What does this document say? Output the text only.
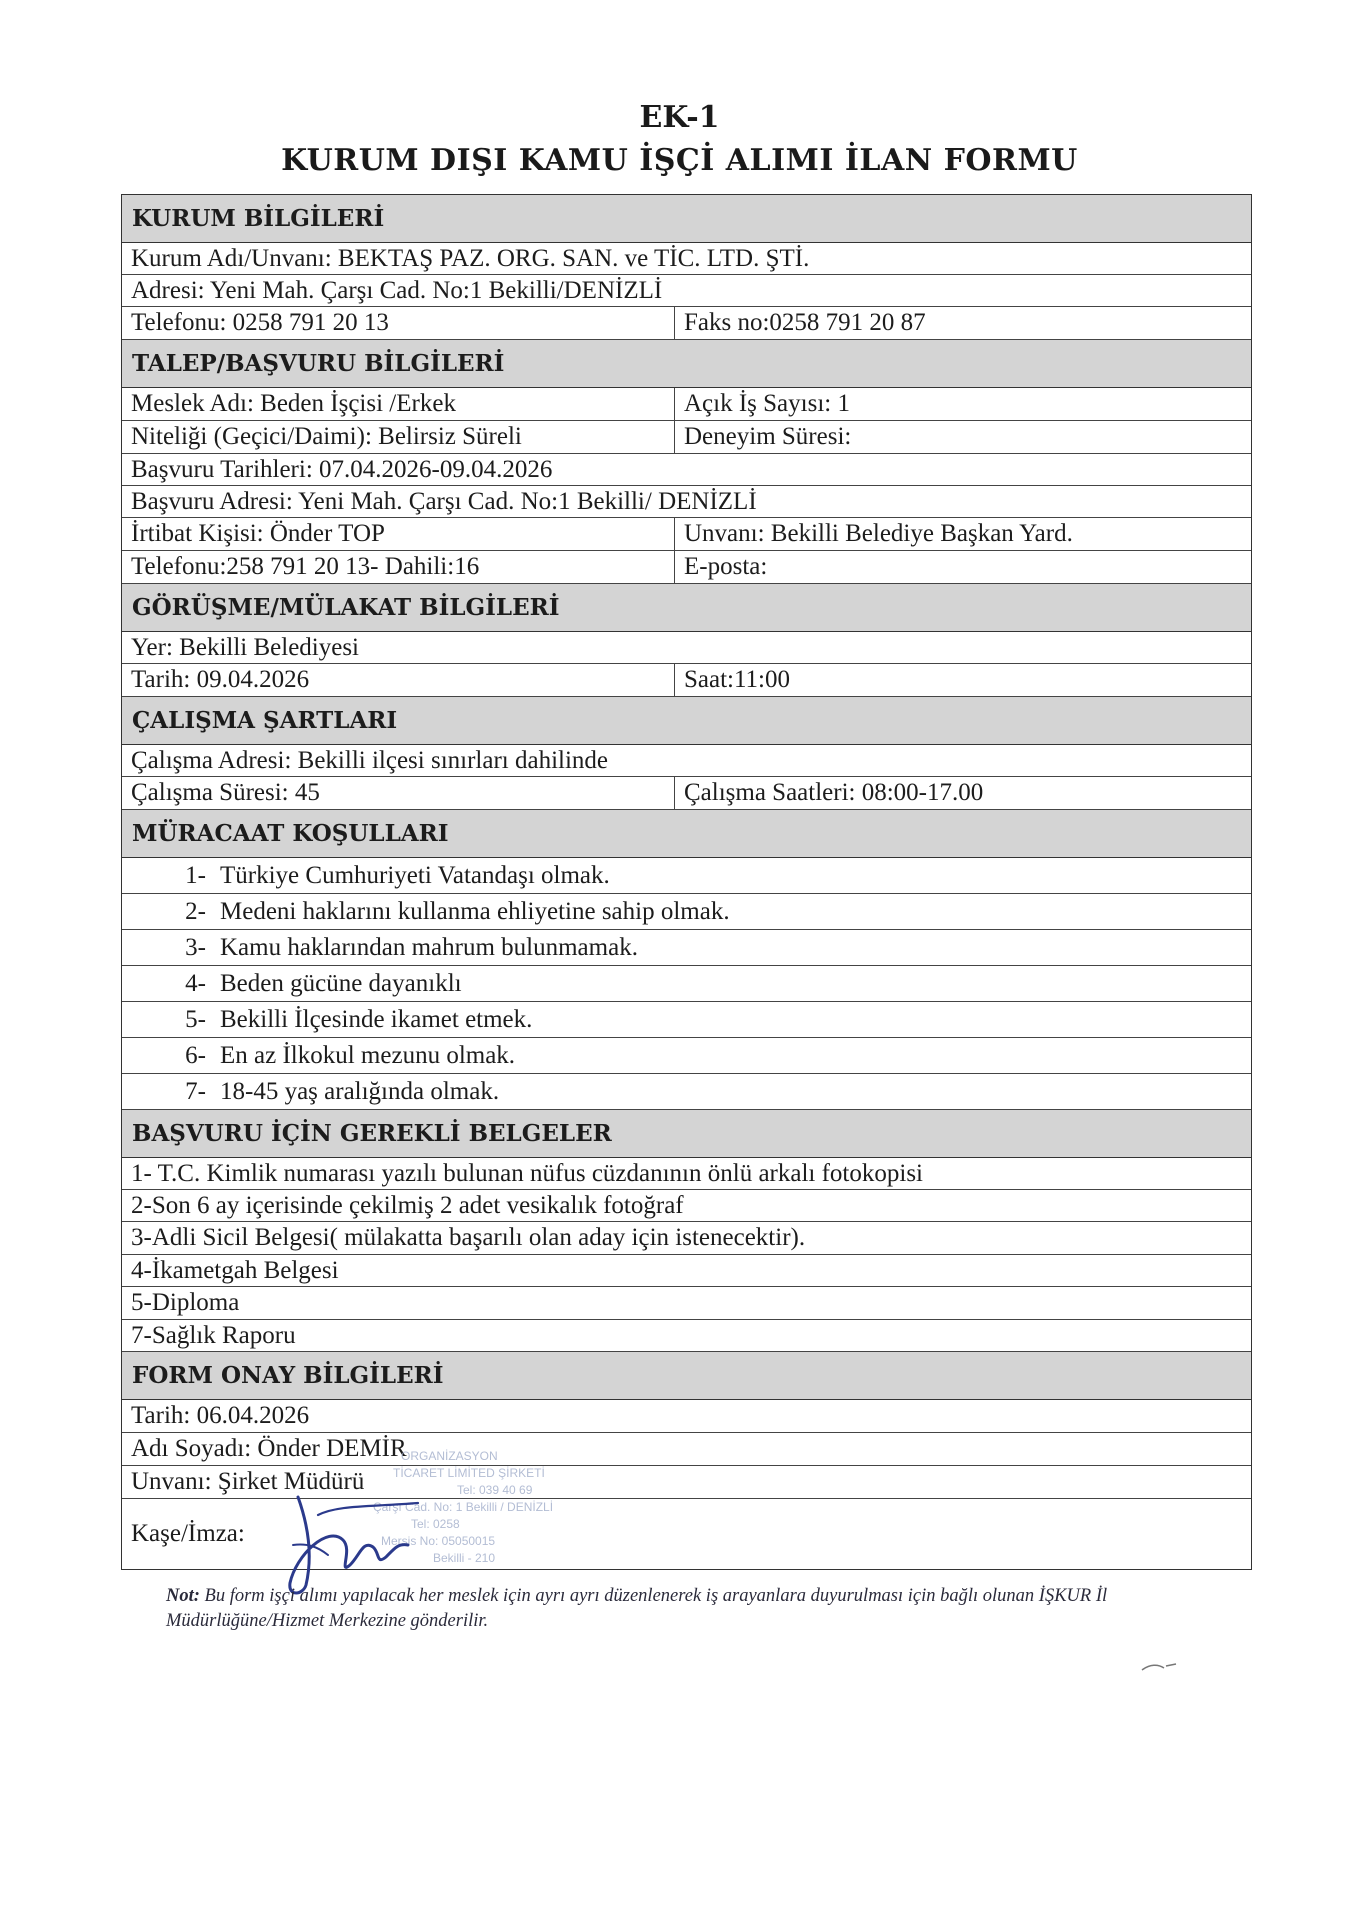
EK-1
KURUM DIŞI KAMU İŞÇİ ALIMI İLAN FORMU
KURUM BİLGİLERİ
Kurum Adı/Unvanı: BEKTAŞ PAZ. ORG. SAN. ve TİC. LTD. ŞTİ.
Adresi: Yeni Mah. Çarşı Cad. No:1 Bekilli/DENİZLİ
Telefonu: 0258 791 20 13	Faks no:0258 791 20 87
TALEP/BAŞVURU BİLGİLERİ
Meslek Adı: Beden İşçisi /Erkek	Açık İş Sayısı: 1
Niteliği (Geçici/Daimi): Belirsiz Süreli	Deneyim Süresi:
Başvuru Tarihleri: 07.04.2026-09.04.2026
Başvuru Adresi: Yeni Mah. Çarşı Cad. No:1 Bekilli/ DENİZLİ
İrtibat Kişisi: Önder TOP	Unvanı: Bekilli Belediye Başkan Yard.
Telefonu:258 791 20 13- Dahili:16	E-posta:
GÖRÜŞME/MÜLAKAT BİLGİLERİ
Yer: Bekilli Belediyesi
Tarih: 09.04.2026	Saat:11:00
ÇALIŞMA ŞARTLARI
Çalışma Adresi: Bekilli ilçesi sınırları dahilinde
Çalışma Süresi: 45	Çalışma Saatleri: 08:00-17.00
MÜRACAAT KOŞULLARI
1- Türkiye Cumhuriyeti Vatandaşı olmak.
2- Medeni haklarını kullanma ehliyetine sahip olmak.
3- Kamu haklarından mahrum bulunmamak.
4- Beden gücüne dayanıklı
5- Bekilli İlçesinde ikamet etmek.
6- En az İlkokul mezunu olmak.
7- 18-45 yaş aralığında olmak.
BAŞVURU İÇİN GEREKLİ BELGELER
1- T.C. Kimlik numarası yazılı bulunan nüfus cüzdanının önlü arkalı fotokopisi
2-Son 6 ay içerisinde çekilmiş 2 adet vesikalık fotoğraf
3-Adli Sicil Belgesi( mülakatta başarılı olan aday için istenecektir).
4-İkametgah Belgesi
5-Diploma
7-Sağlık Raporu
FORM ONAY BİLGİLERİ
Tarih: 06.04.2026
Adı Soyadı: Önder DEMİR
Unvanı: Şirket Müdürü
Kaşe/İmza:
ORGANİZASYON
TİCARET LİMİTED ŞİRKETİ
Tel: 039 40 69
Çarşı Cad. No: 1 Bekilli / DENİZLİ
Tel: 0258
Mersis No: 05050015
Bekilli - 210
Not: Bu form işçi alımı yapılacak her meslek için ayrı ayrı düzenlenerek iş arayanlara duyurulması için bağlı olunan İŞKUR İl Müdürlüğüne/Hizmet Merkezine gönderilir.
